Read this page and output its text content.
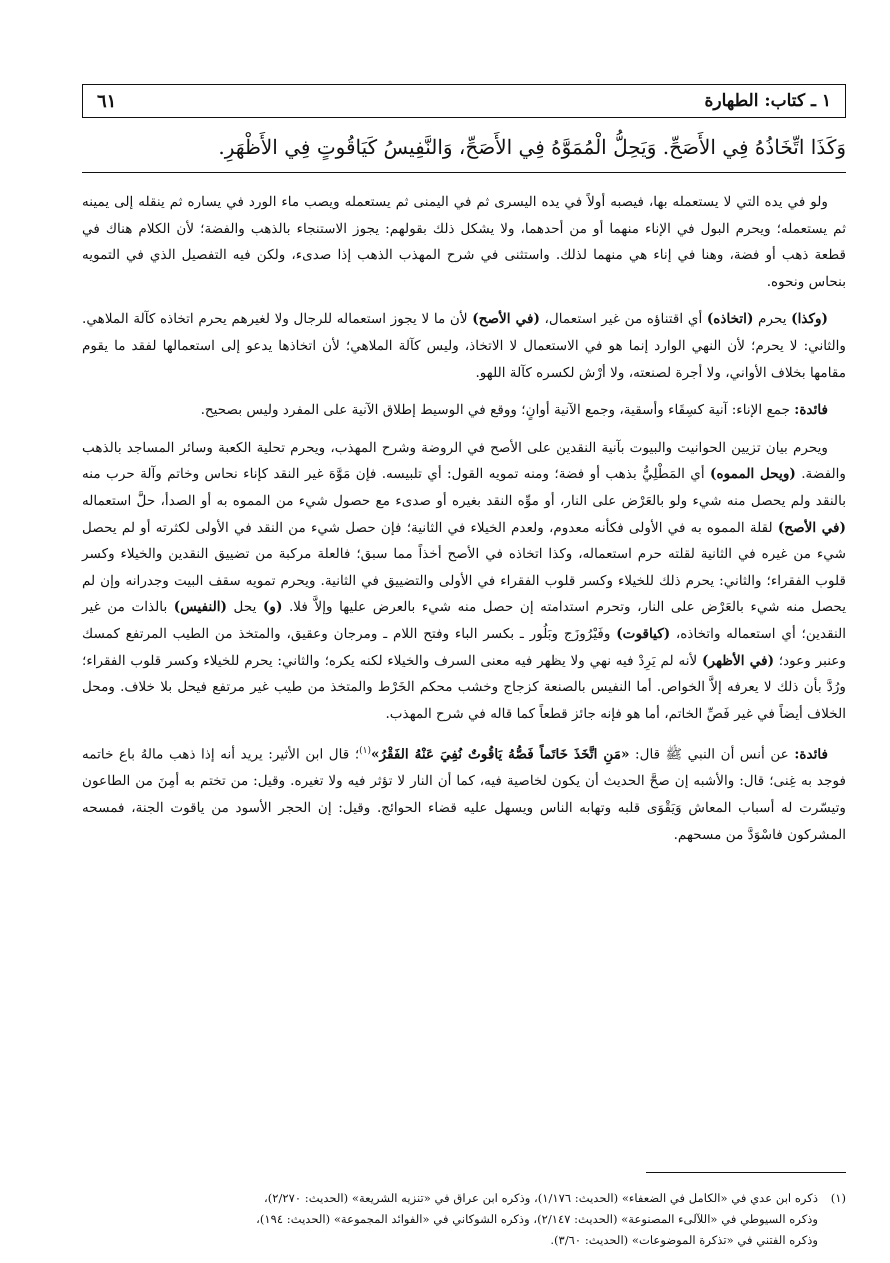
١ ـ كتاب: الطهارة
٦١
وَكَذَا اتِّخَاذُهُ فِي الأَصَحِّ. وَيَحِلُّ الْمُمَوَّهُ فِي الأَصَحِّ، وَالنَّفِيسُ كَيَاقُوتٍ فِي الأَظْهَرِ.

ولو في يده التي لا يستعمله بها، فيصبه أولاً في يده اليسرى ثم في اليمنى ثم يستعمله ويصب ماء الورد في يساره ثم ينقله إلى يمينه ثم يستعمله؛ ويحرم البول في الإناء منهما أو من أحدهما، ولا يشكل ذلك بقولهم: يجوز الاستنجاء بالذهب والفضة؛ لأن الكلام هناك في قطعة ذهب أو فضة، وهنا في إناء هي منهما لذلك. واستثنى في شرح المهذب الذهب إذا صدىء، ولكن فيه التفصيل الذي في التمويه بنحاس ونحوه.

(وكذا) يحرم (اتخاذه) أي اقتناؤه من غير استعمال، (في الأصح) لأن ما لا يجوز استعماله للرجال ولا لغيرهم يحرم اتخاذه كآلة الملاهي. والثاني: لا يحرم؛ لأن النهي الوارد إنما هو في الاستعمال لا الاتخاذ، وليس كآلة الملاهي؛ لأن اتخاذها يدعو إلى استعمالها لفقد ما يقوم مقامها بخلاف الأواني، ولا أجرة لصنعته، ولا أرْش لكسره كآلة اللهو.

فائدة: جمع الإناء: آنية كسِقَاء وأسقية، وجمع الآنية أوانٍ؛ ووقع في الوسيط إطلاق الآنية على المفرد وليس بصحيح.

ويحرم بيان تزيين الحوانيت والبيوت بآنية النقدين على الأصح في الروضة وشرح المهذب، ويحرم تحلية الكعبة وسائر المساجد بالذهب والفضة. (ويحل المموه) أي المَطْلِيُّ بذهب أو فضة؛ ومنه تمويه القول: أي تلبيسه. فإن مَوَّهَ غير النقد كإناء نحاس وخاتم وآلة حرب منه بالنقد ولم يحصل منه شيء ولو بالعَرْض على النار، أو موِّه النقد بغيره أو صدىء مع حصول شيء من المموه به أو الصدأ، حلَّ استعماله (في الأصح) لقلة المموه به في الأولى فكأنه معدوم، ولعدم الخيلاء في الثانية؛ فإن حصل شيء من النقد في الأولى لكثرته أو لم يحصل شيء من غيره في الثانية لقلته حرم استعماله، وكذا اتخاذه في الأصح أخذاً مما سبق؛ فالعلة مركبة من تضييق النقدين والخيلاء وكسر قلوب الفقراء؛ والثاني: يحرم ذلك للخيلاء وكسر قلوب الفقراء في الأولى والتضييق في الثانية. ويحرم تمويه سقف البيت وجدرانه وإن لم يحصل منه شيء بالعَرْض على النار، وتحرم استدامته إن حصل منه شيء بالعرض عليها وإلاَّ فلا. (و) يحل (النفيس) بالذات من غير النقدين؛ أي استعماله واتخاذه، (كياقوت) وفَيْرُوزَج وبَلُور ـ بكسر الباء وفتح اللام ـ ومرجان وعقيق، والمتخذ من الطيب المرتفع كمسك وعنبر وعود؛ (في الأظهر) لأنه لم يَرِدْ فيه نهي ولا يظهر فيه معنى السرف والخيلاء لكنه يكره؛ والثاني: يحرم للخيلاء وكسر قلوب الفقراء؛ ورُدَّ بأن ذلك لا يعرفه إلاَّ الخواص. أما النفيس بالصنعة كزجاج وخشب محكم الخَرْط والمتخذ من طيب غير مرتفع فيحل بلا خلاف. ومحل الخلاف أيضاً في غير فَصِّ الخاتم، أما هو فإنه جائز قطعاً كما قاله في شرح المهذب.

فائدة: عن أنس أن النبي ﷺ قال: «مَنِ اتَّخَذَ خَاتَماً فَصُّهُ يَاقُوتٌ نُفِيَ عَنْهُ الفَقْرُ»$^{(١)}$؛ قال ابن الأثير: يريد أنه إذا ذهب مالهُ باع خاتمه فوجد به غِنى؛ قال: والأشبه إن صحَّ الحديث أن يكون لخاصية فيه، كما أن النار لا تؤثر فيه ولا تغيره. وقيل: من تختم به أمِنَ من الطاعون وتيسّرت له أسباب المعاش وَيَقْوَى قلبه وتهابه الناس ويسهل عليه قضاء الحوائج. وقيل: إن الحجر الأسود من ياقوت الجنة، فمسحه المشركون فاسْوَدَّ من مسحهم.

(١)ذكره ابن عدي في «الكامل في الضعفاء» (الحديث: ١/١٧٦)، وذكره ابن عراق في «تنزيه الشريعة» (الحديث: ٢/٢٧٠)،
وذكره السيوطي في «اللآلىء المصنوعة» (الحديث: ٢/١٤٧)، وذكره الشوكاني في «الفوائد المجموعة» (الحديث: ١٩٤)،
وذكره الفتني في «تذكرة الموضوعات» (الحديث: ٣/٦٠).
